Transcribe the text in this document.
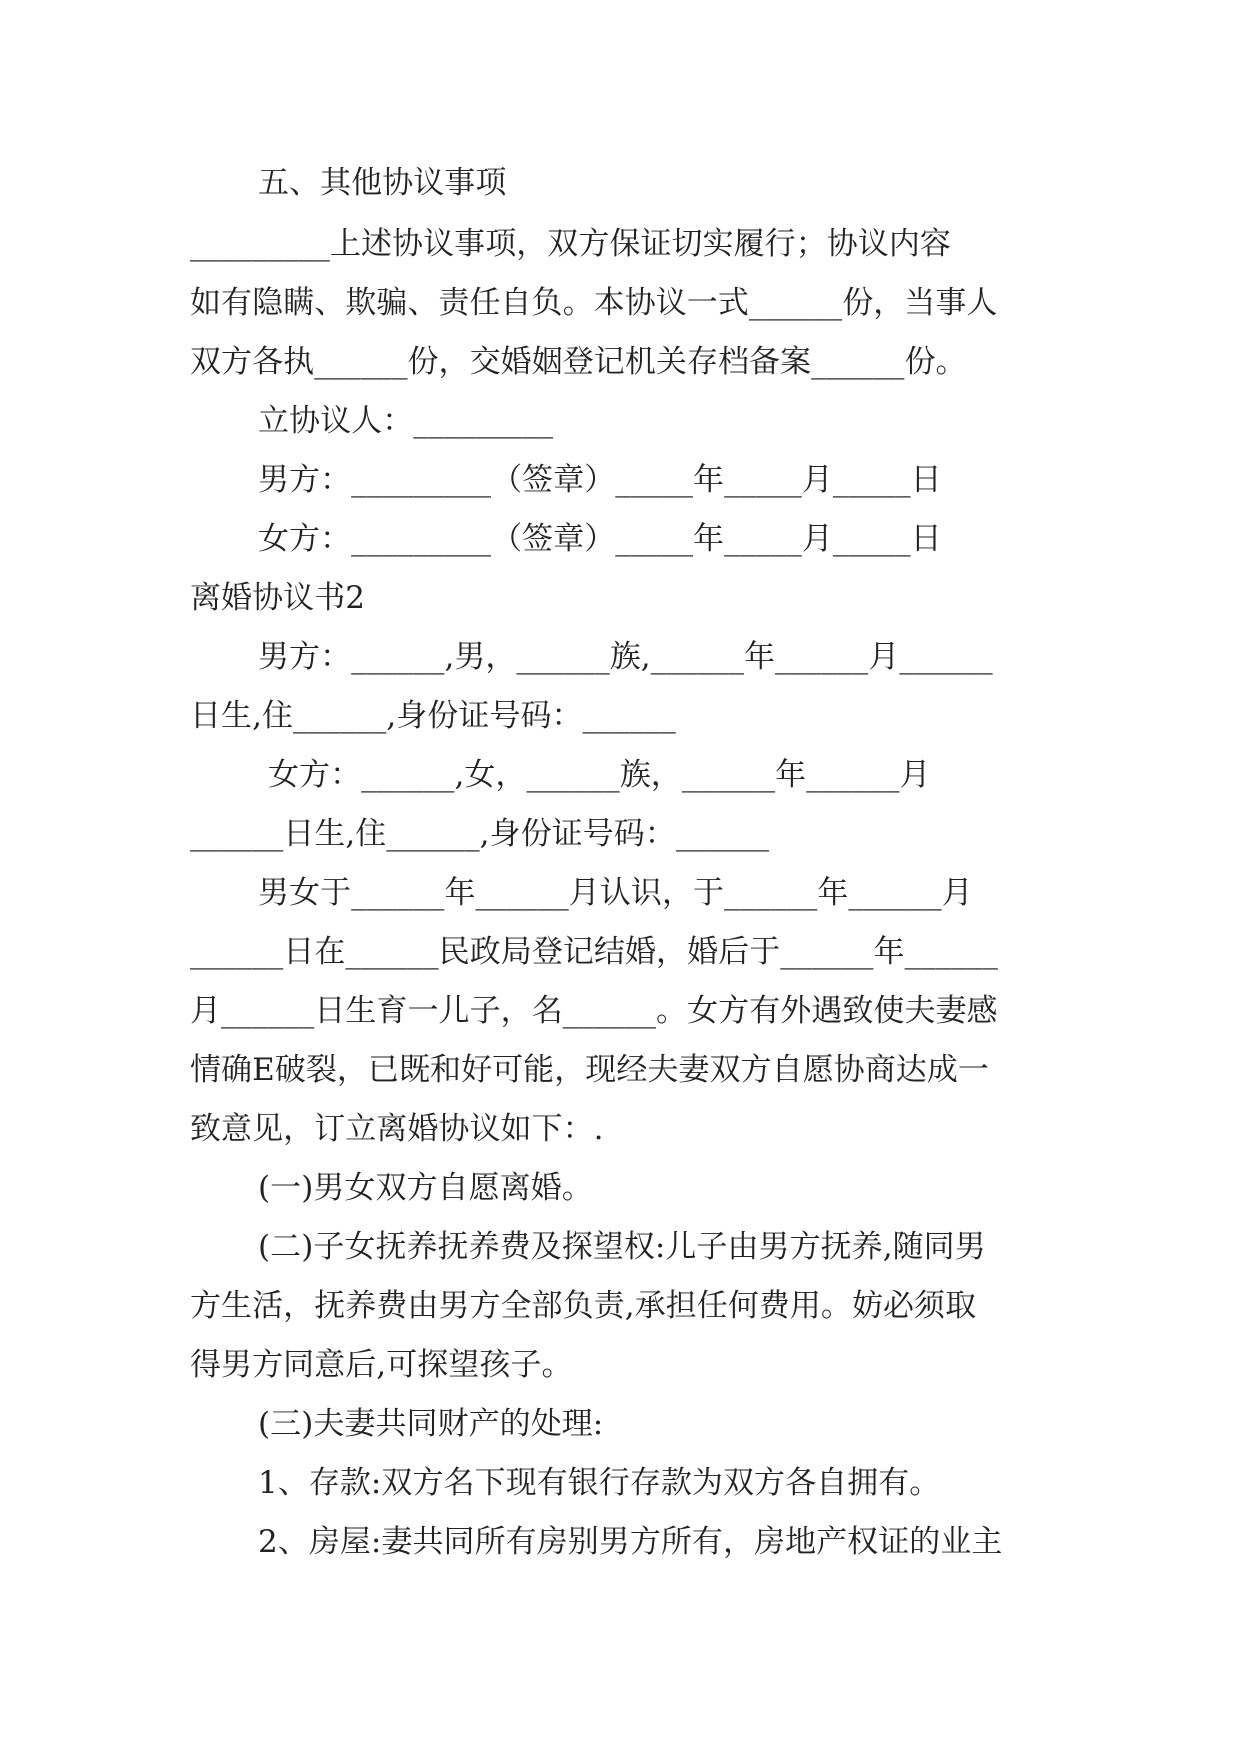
五、其他协议事项
_________上述协议事项，双方保证切实履行；协议内容
如有隐瞒、欺骗、责任自负。本协议一式______份，当事人
双方各执______份，交婚姻登记机关存档备案______份。
立协议人：_________
男方：_________（签章）_____年_____月_____日
女方：_________（签章）_____年_____月_____日
离婚协议书2
男方：______,男，______族,______年______月______
日生,住______,身份证号码：______
女方：______,女，______族，______年______月
______日生,住______,身份证号码：______
男女于______年______月认识，于______年______月
______日在______民政局登记结婚，婚后于______年______
月______日生育一儿子，名______。女方有外遇致使夫妻感
情确E破裂，已既和好可能，现经夫妻双方自愿协商达成一
致意见，订立离婚协议如下：.
(一)男女双方自愿离婚。
(二)子女抚养抚养费及探望权:儿子由男方抚养,随同男
方生活，抚养费由男方全部负责,承担任何费用。妨必须取
得男方同意后,可探望孩子。
(三)夫妻共同财产的处理:
1、存款:双方名下现有银行存款为双方各自拥有。
2、房屋:妻共同所有房别男方所有，房地产权证的业主
